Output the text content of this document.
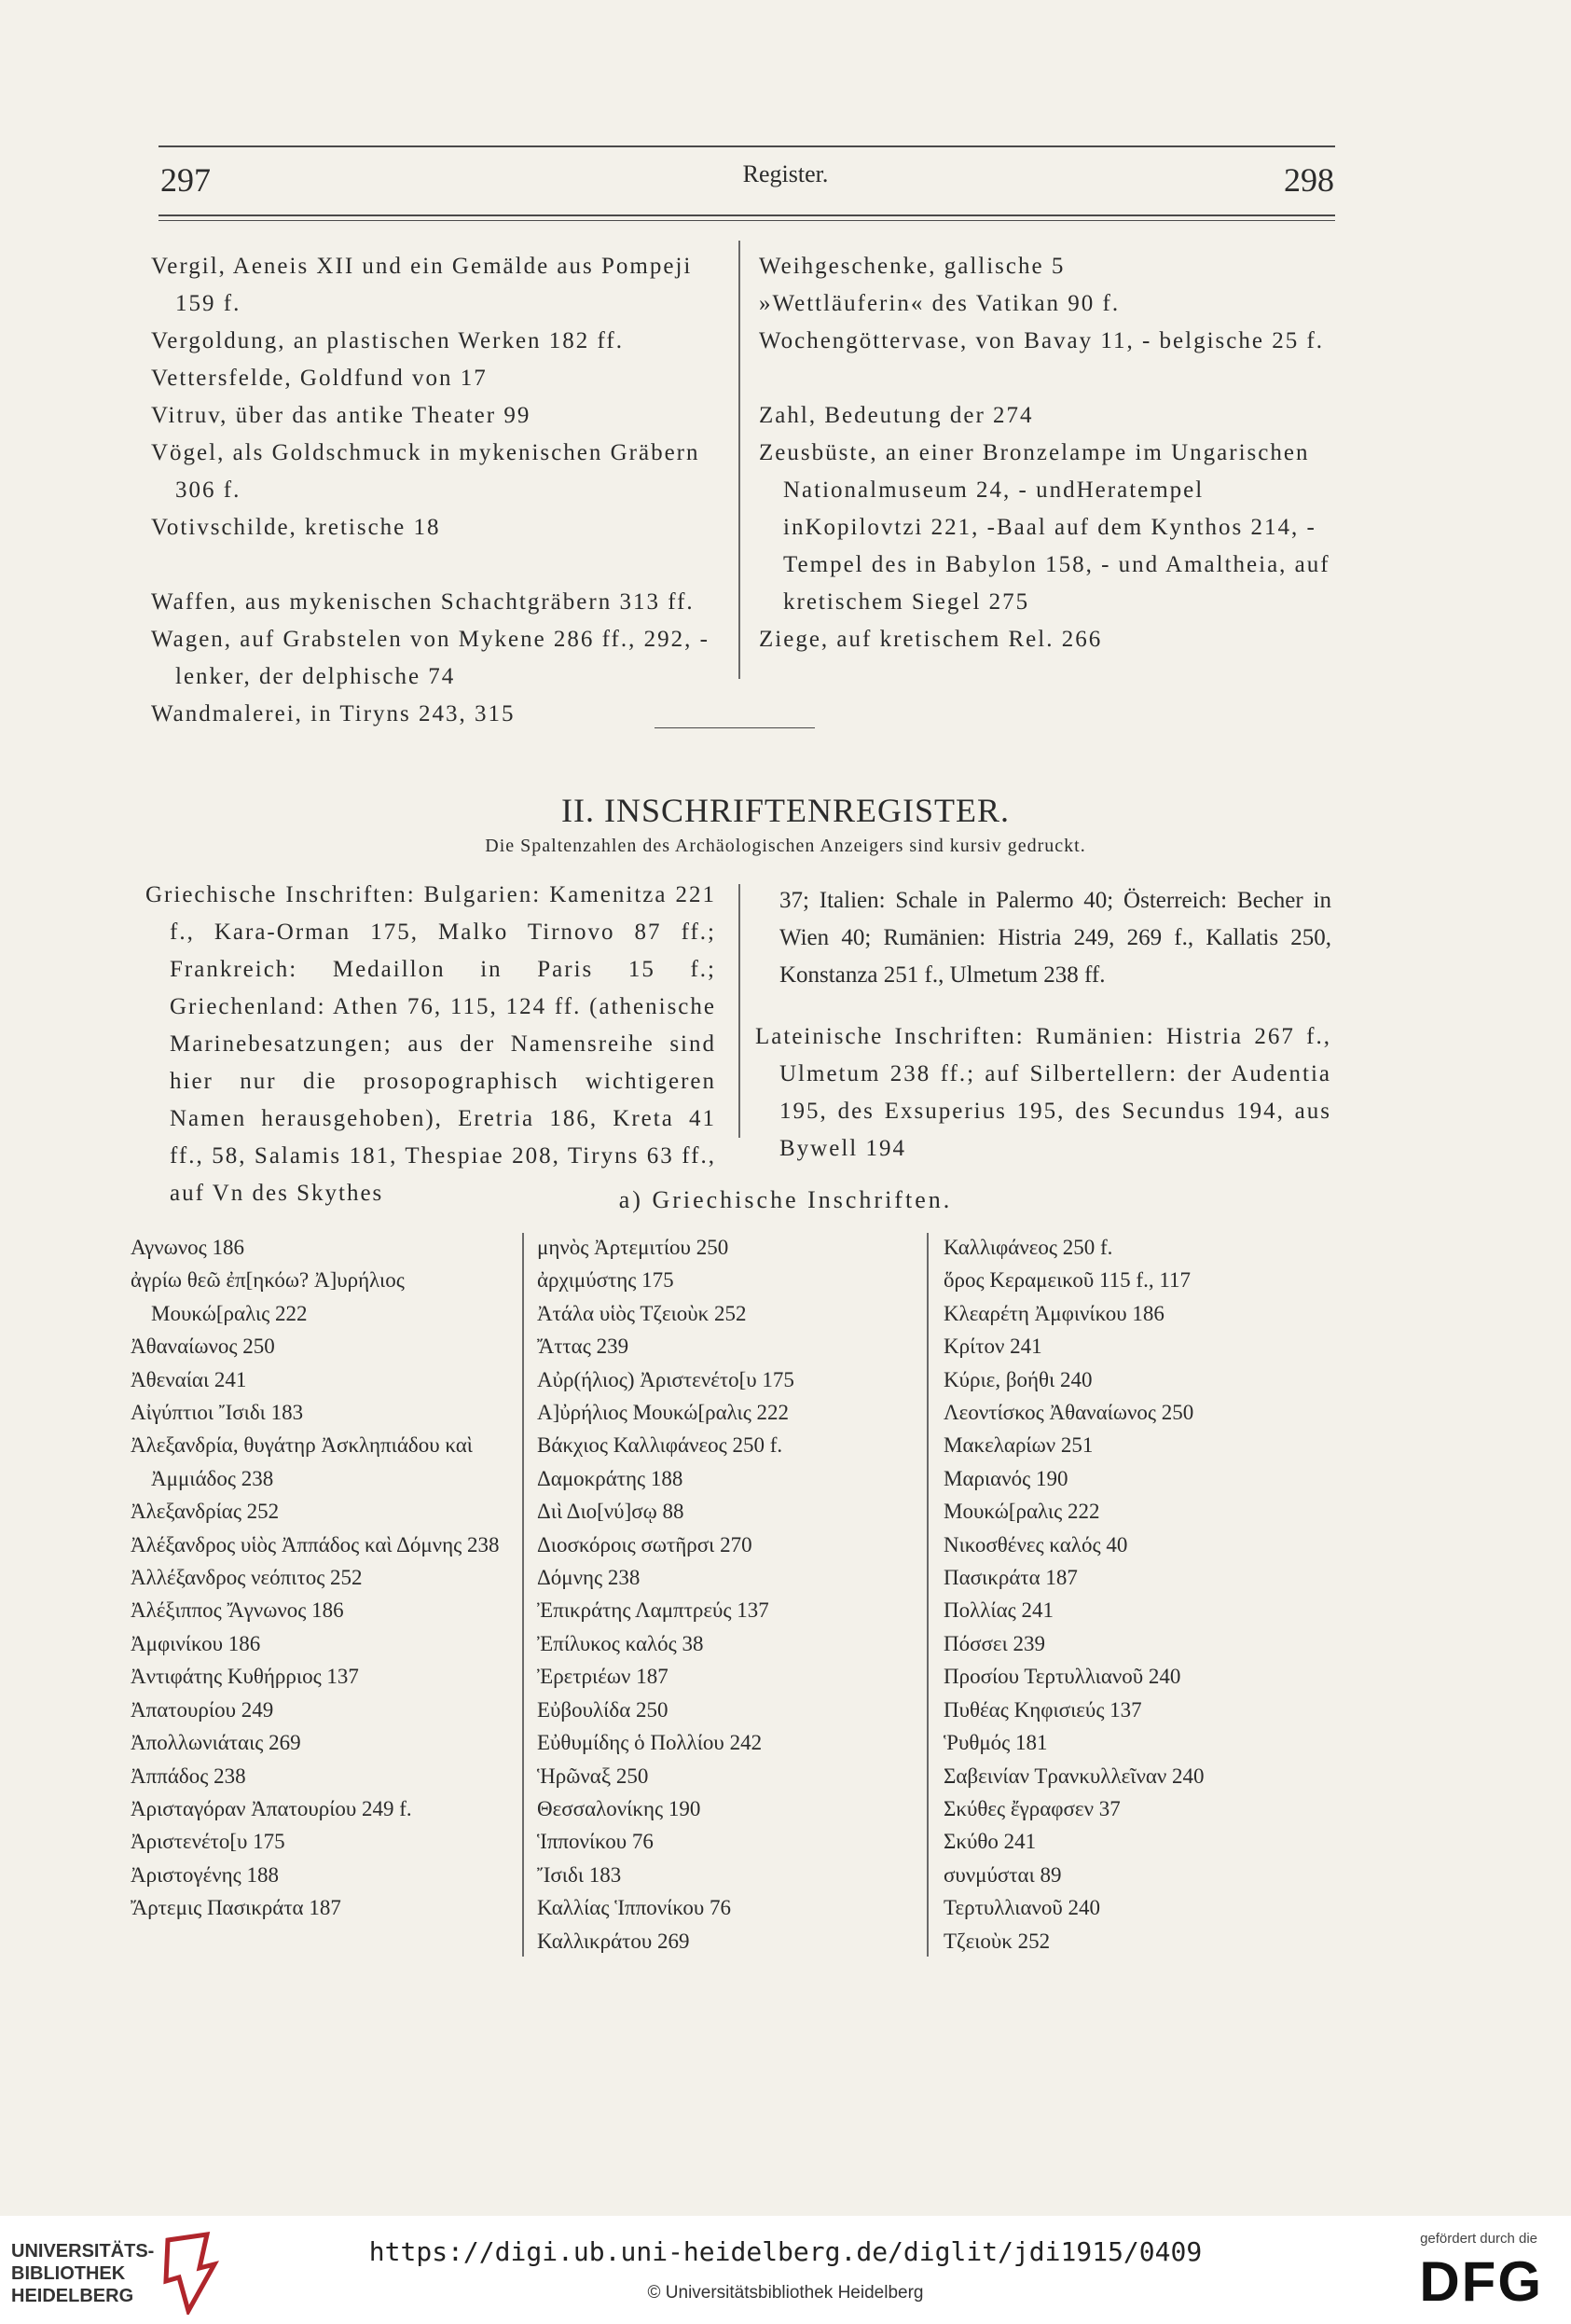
297	Register.	298

Vergil, Aeneis XII und ein Gemälde aus Pompeji 159 f.

Vergoldung, an plastischen Werken 182 ff.

Vettersfelde, Goldfund von 17

Vitruv, über das antike Theater 99

Vögel, als Goldschmuck in mykenischen Gräbern 306 f.

Votivschilde, kretische 18

Waffen, aus mykenischen Schachtgräbern 313 ff.

Wagen, auf Grabstelen von Mykene 286 ff., 292, -lenker, der delphische 74

Wandmalerei, in Tiryns 243, 315

Weihgeschenke, gallische 5

»Wettläuferin« des Vatikan 90 f.

Wochengöttervase, von Bavay 11, - belgische 25 f.

Zahl, Bedeutung der 274

Zeusbüste, an einer Bronzelampe im Ungarischen Nationalmuseum 24, - undHeratempel inKopilovtzi 221, -Baal auf dem Kynthos 214, -Tempel des in Babylon 158, - und Amaltheia, auf kretischem Siegel 275

Ziege, auf kretischem Rel. 266

II. INSCHRIFTENREGISTER.
Die Spaltenzahlen des Archäologischen Anzeigers sind kursiv gedruckt.
Griechische Inschriften: Bulgarien: Kamenitza 221 f., Kara-Orman 175, Malko Tirnovo 87 ff.; Frankreich: Medaillon in Paris 15 f.; Griechenland: Athen 76, 115, 124 ff. (athenische Marinebesatzungen; aus der Namensreihe sind hier nur die prosopographisch wichtigeren Namen herausgehoben), Eretria 186, Kreta 41 ff., 58, Salamis 181, Thespiae 208, Tiryns 63 ff., auf Vn des Skythes
37; Italien: Schale in Palermo 40; Österreich: Becher in Wien 40; Rumänien: Histria 249, 269 f., Kallatis 250, Konstanza 251 f., Ulmetum 238 ff.
Lateinische Inschriften: Rumänien: Histria 267 f., Ulmetum 238 ff.; auf Silbertellern: der Audentia 195, des Exsuperius 195, des Secundus 194, aus Bywell 194
a) Griechische Inschriften.

Αγνωνος 186

ἀγρίω θεῶ ἐπ[ηκόω? Ἀ]υρήλιος Μουκώ[ραλις 222

Ἀθαναίωνος 250

Ἀθεναίαι 241

Αἰγύπτιοι Ἴσιδι 183

Ἀλεξανδρία, θυγάτηρ Ἀσκληπιάδου καὶ Ἀμμιάδος 238

Ἀλεξανδρίας 252

Ἀλέξανδρος υἱὸς Ἀππάδος καὶ Δόμνης 238

Ἀλλέξανδρος νεόπιτος 252

Ἀλέξιππος Ἄγνωνος 186

Ἀμφινίκου 186

Ἀντιφάτης Κυθήρριος 137

Ἀπατουρίου 249

Ἀπολλωνιάταις 269

Ἀππάδος 238

Ἀρισταγόραν Ἀπατουρίου 249 f.

Ἀριστενέτο[υ 175

Ἀριστογένης 188

Ἄρτεμις Πασικράτα 187

μηνὸς Ἀρτεμιτίου 250

ἀρχιμύστης 175

Ἀτάλα υἱὸς Τζειοὺκ 252

Ἄττας 239

Αὐρ(ήλιος) Ἀριστενέτο[υ 175

Α]ὐρήλιος Μουκώ[ραλις 222

Βάκχιος Καλλιφάνεος 250 f.

Δαμοκράτης 188

Διὶ Διο[νύ]σῳ 88

Διοσκόροις σωτῆρσι 270

Δόμνης 238

Ἐπικράτης Λαμπτρεύς 137

Ἐπίλυκος καλός 38

Ἐρετριέων 187

Εὐβουλίδα 250

Εὐθυμίδης ὁ Πολλίου 242

Ἡρῶναξ 250

Θεσσαλονίκης 190

Ἱππονίκου 76

Ἴσιδι 183

Καλλίας Ἱππονίκου 76

Καλλικράτου 269

Καλλιφάνεος 250 f.

ὅρος Κεραμεικοῦ 115 f., 117

Κλεαρέτη Ἀμφινίκου 186

Κρίτον 241

Κύριε, βοήθι 240

Λεοντίσκος Ἀθαναίωνος 250

Μακελαρίων 251

Μαριανός 190

Μουκώ[ραλις 222

Νικοσθένες καλός 40

Πασικράτα 187

Πολλίας 241

Πόσσει 239

Προσίου Τερτυλλιανοῦ 240

Πυθέας Κηφισιεύς 137

Ῥυθμός 181

Σαβεινίαν Τρανκυλλεῖναν 240

Σκύθες ἔγραφσεν 37

Σκύθο 241

συνμύσται 89

Τερτυλλιανοῦ 240

Τζειοὺκ 252

UNIVERSITÄTS- BIBLIOTHEK HEIDELBERG
https://digi.ub.uni-heidelberg.de/diglit/jdi1915/0409
© Universitätsbibliothek Heidelberg
gefördert durch die
DFG
